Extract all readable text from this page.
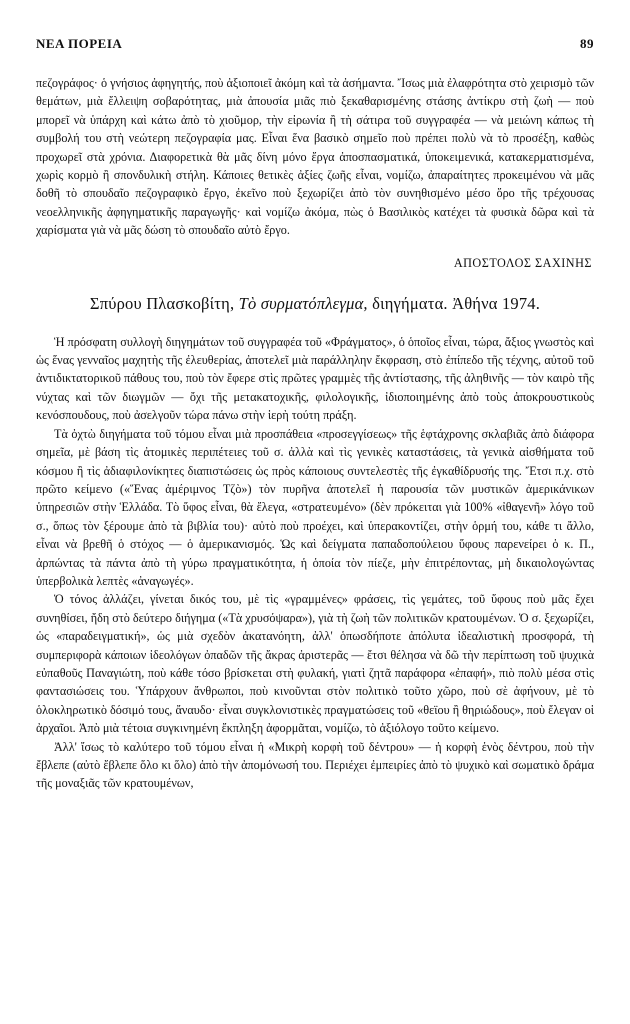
ΝΕΑ ΠΟΡΕΙΑ	89

πεζογράφος· ὁ γνήσιος ἀφηγητής, ποὺ ἀξιοποιεῖ ἀκόμη καὶ τὰ ἀσήμαντα. Ἴσως μιὰ ἐλαφρότητα στὸ χειρισμὸ τῶν θεμάτων, μιὰ ἔλλειψη σοβαρότητας, μιὰ ἀπουσία μιᾶς πιὸ ξεκαθαρισμένης στάσης ἀντίκρυ στὴ ζωὴ — ποὺ μπορεῖ νὰ ὑπάρχη καὶ κάτω ἀπὸ τὸ χιοῦμορ, τὴν εἰρωνία ἢ τὴ σάτιρα τοῦ συγγραφέα — νὰ μειώνη κάπως τὴ συμβολή του στὴ νεώτερη πεζογραφία μας. Εἶναι ἕνα βασικὸ σημεῖο ποὺ πρέπει πολὺ νὰ τὸ προσέξη, καθὼς προχωρεῖ στὰ χρόνια. Διαφορετικὰ θὰ μᾶς δίνη μόνο ἔργα ἀποσπασματικά, ὑποκειμενικά, κατακερματισμένα, χωρὶς κορμὸ ἢ σπονδυλικὴ στήλη. Κάποιες θετικὲς ἀξίες ζωῆς εἶναι, νομίζω, ἀπαραίτητες προκειμένου νὰ μᾶς δοθῆ τὸ σπουδαῖο πεζογραφικὸ ἔργο, ἐκεῖνο ποὺ ξεχωρίζει ἀπὸ τὸν συνηθισμένο μέσο ὅρο τῆς τρέχουσας νεοελληνικῆς ἀφηγηματικῆς παραγωγῆς· καὶ νομίζω ἀκόμα, πὼς ὁ Βασιλικὸς κατέχει τὰ φυσικὰ δῶρα καὶ τὰ χαρίσματα γιὰ νὰ μᾶς δώση τὸ σπουδαῖο αὐτὸ ἔργο.

ΑΠΟΣΤΟΛΟΣ ΣΑΧΙΝΗΣ
Σπύρου Πλασκοβίτη, Τὸ συρματόπλεγμα, διηγήματα. Ἀθήνα 1974.

Ἡ πρόσφατη συλλογὴ διηγημάτων τοῦ συγγραφέα τοῦ «Φράγματος», ὁ ὁποῖος εἶναι, τώρα, ἄξιος γνωστὸς καὶ ὡς ἕνας γενναῖος μαχητὴς τῆς ἐλευθερίας, ἀποτελεῖ μιὰ παράλληλην ἔκφραση, στὸ ἐπίπεδο τῆς τέχνης, αὐτοῦ τοῦ ἀντιδικτατορικοῦ πάθους του, ποὺ τὸν ἔφερε στὶς πρῶτες γραμμὲς τῆς ἀντίστασης, τῆς ἀληθινῆς — τὸν καιρὸ τῆς νύχτας καὶ τῶν διωγμῶν — ὄχι τῆς μετακατοχικῆς, φιλολογικῆς, ἰδιοποιημένης ἀπὸ τοὺς ἀποκρουστικοὺς κενόσπουδους, ποὺ ἀσελγοῦν τώρα πάνω στὴν ἱερὴ τούτη πράξη.

Τὰ ὀχτὼ διηγήματα τοῦ τόμου εἶναι μιὰ προσπάθεια «προσεγγίσεως» τῆς ἑφτάχρονης σκλαβιᾶς ἀπὸ διάφορα σημεῖα, μὲ βάση τὶς ἀτομικὲς περιπέτειες τοῦ σ. ἀλλὰ καὶ τὶς γενικὲς καταστάσεις, τὰ γενικὰ αἰσθήματα τοῦ κόσμου ἢ τὶς ἀδιαφιλονίκητες διαπιστώσεις ὡς πρὸς κάποιους συντελεστὲς τῆς ἐγκαθίδρυσής της. Ἔτσι π.χ. στὸ πρῶτο κείμενο («Ἕνας ἀμέριμνος Τζὸ») τὸν πυρῆνα ἀποτελεῖ ἡ παρουσία τῶν μυστικῶν ἀμερικάνικων ὑπηρεσιῶν στὴν Ἑλλάδα. Τὸ ὕφος εἶναι, θὰ ἔλεγα, «στρατευμένο» (δὲν πρόκειται γιὰ 100% «ἰθαγενῆ» λόγο τοῦ σ., ὅπως τὸν ξέρουμε ἀπὸ τὰ βιβλία του)· αὐτὸ ποὺ προέχει, καὶ ὑπερακοντίζει, στὴν ὁρμή του, κάθε τι ἄλλο, εἶναι νὰ βρεθῆ ὁ στόχος — ὁ ἀμερικανισμός. Ὡς καὶ δείγματα παπαδοπούλειου ὕφους παρενείρει ὁ κ. Π., ἀρπώντας τὰ πάντα ἀπὸ τὴ γύρω πραγματικότητα, ἡ ὁποία τὸν πίεζε, μὴν ἐπιτρέποντας, μὴ δικαιολογώντας ὑπερβολικὰ λεπτὲς «ἀναγωγές».

Ὁ τόνος ἀλλάζει, γίνεται δικός του, μὲ τὶς «γραμμένες» φράσεις, τὶς γεμάτες, τοῦ ὕφους ποὺ μᾶς ἔχει συνηθίσει, ἤδη στὸ δεύτερο διήγημα («Τὰ χρυσόψαρα»), γιὰ τὴ ζωὴ τῶν πολιτικῶν κρατουμένων. Ὁ σ. ξεχωρίζει, ὡς «παραδειγματική», ὡς μιὰ σχεδὸν ἀκατανόητη, ἀλλ' ὁπωσδήποτε ἀπόλυτα ἰδεαλιστικὴ προσφορά, τὴ συμπεριφορὰ κάποιων ἰδεολόγων ὀπαδῶν τῆς ἄκρας ἀριστερᾶς — ἔτσι θέλησα νὰ δῶ τὴν περίπτωση τοῦ ψυχικὰ εὐπαθοῦς Παναγιώτη, ποὺ κάθε τόσο βρίσκεται στὴ φυλακή, γιατὶ ζητᾶ παράφορα «ἐπαφή», πιὸ πολὺ μέσα στὶς φαντασιώσεις του. Ὑπάρχουν ἄνθρωποι, ποὺ κινοῦνται στὸν πολιτικὸ τοῦτο χῶρο, ποὺ σὲ ἀφήνουν, μὲ τὸ ὁλοκληρωτικὸ δόσιμό τους, ἄναυδο· εἶναι συγκλονιστικὲς πραγματώσεις τοῦ «θεϊου ἢ θηριώδους», ποὺ ἔλεγαν οἱ ἀρχαῖοι. Ἀπὸ μιὰ τέτοια συγκινημένη ἔκπληξη ἀφορμᾶται, νομίζω, τὸ ἀξιόλογο τοῦτο κείμενο.

Ἀλλ' ἴσως τὸ καλύτερο τοῦ τόμου εἶναι ἡ «Μικρὴ κορφὴ τοῦ δέντρου» — ἡ κορφὴ ἑνὸς δέντρου, ποὺ τὴν ἔβλεπε (αὐτὸ ἔβλεπε ὅλο κι ὅλο) ἀπὸ τὴν ἀπομόνωσή του. Περιέχει ἐμπειρίες ἀπὸ τὸ ψυχικὸ καὶ σωματικὸ δράμα τῆς μοναξιᾶς τῶν κρατουμένων,
